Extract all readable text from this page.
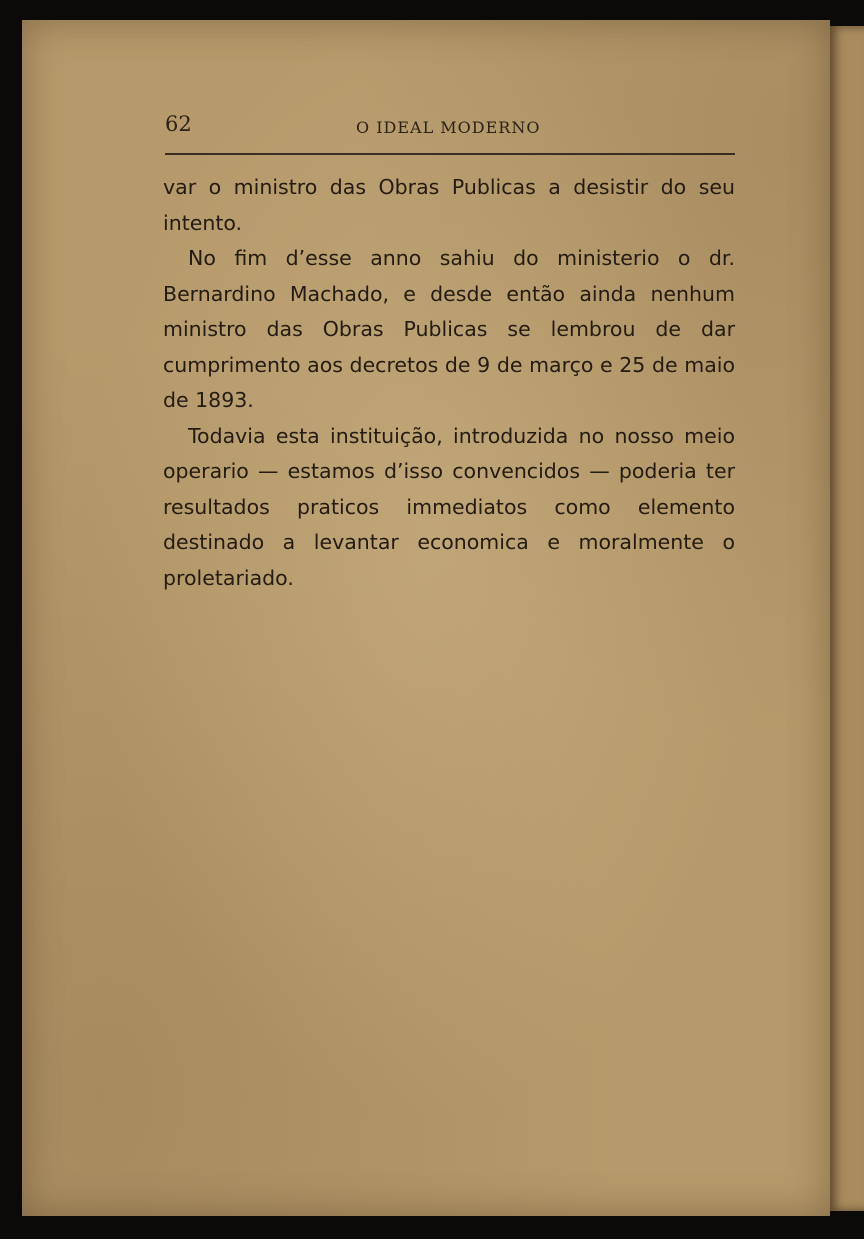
62	O IDEAL MODERNO

var o ministro das Obras Publicas a desistir do seu intento.

No fim d’esse anno sahiu do ministerio o dr. Bernardino Machado, e desde então ainda nenhum ministro das Obras Publicas se lembrou de dar cumprimento aos decretos de 9 de março e 25 de maio de 1893.

Todavia esta instituição, introduzida no nosso meio operario — estamos d’isso convencidos — poderia ter resultados praticos immediatos como elemento destinado a levantar economica e moralmente o proletariado.
